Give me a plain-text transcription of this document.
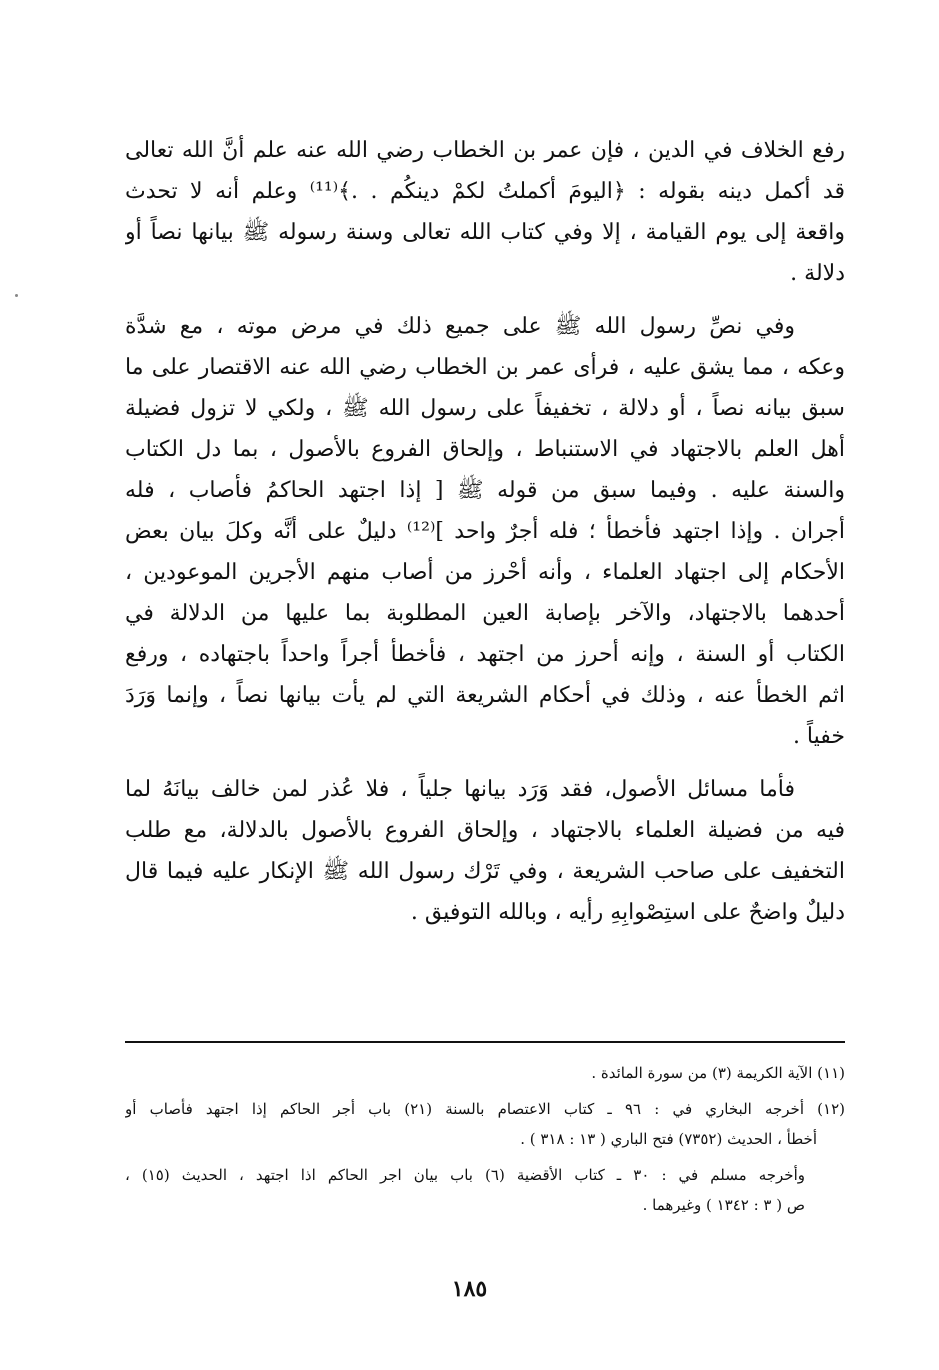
رفع الخلاف في الدين ، فإن عمر بن الخطاب رضي الله عنه علم أنَّ الله تعالى
قد أكمل دينه بقوله : ﴿اليومَ أكملتُ لكمْ دينكُم . .﴾⁽¹¹⁾ وعلم أنه لا تحدث
واقعة إلى يوم القيامة ، إلا وفي كتاب الله تعالى وسنة رسوله ﷺ بيانها نصاً أو
دلالة .
وفي نصِّ رسول الله ﷺ على جميع ذلك في مرض موته ، مع شدَّة
وعكه ، مما يشق عليه ، فرأى عمر بن الخطاب رضي الله عنه الاقتصار على ما
سبق بيانه نصاً ، أو دلالة ، تخفيفاً على رسول الله ﷺ ، ولكي لا تزول فضيلة
أهل العلم بالاجتهاد في الاستنباط ، وإلحاق الفروع بالأصول ، بما دل الكتاب
والسنة عليه . وفيما سبق من قوله ﷺ [ إذا اجتهد الحاكمُ فأصاب ، فله
أجران . وإذا اجتهد فأخطأ ؛ فله أجرٌ واحد ]⁽¹²⁾ دليلٌ على أنَّه وكلَ بيان بعض
الأحكام إلى اجتهاد العلماء ، وأنه أحْرز من أصاب منهم الأجرين الموعودين ،
أحدهما بالاجتهاد، والآخر بإصابة العين المطلوبة بما عليها من الدلالة في
الكتاب أو السنة ، وإنه أحرز من اجتهد ، فأخطأ أجراً واحداً باجتهاده ، ورفع
اثم الخطأ عنه ، وذلك في أحكام الشريعة التي لم يأت بيانها نصاً ، وإنما وَرَدَ
خفياً .
فأما مسائل الأصول، فقد وَرَد بيانها جلياً ، فلا عُذر لمن خالف بيانَهُ لما
فيه من فضيلة العلماء بالاجتهاد ، وإلحاق الفروع بالأصول بالدلالة، مع طلب
التخفيف على صاحب الشريعة ، وفي تَرْك رسول الله ﷺ الإنكار عليه فيما قال
دليلٌ واضحٌ على استِصْوابِهِ رأيه ، وبالله التوفيق .
(١١) الآية الكريمة (٣) من سورة المائدة .
(١٢) أخرجه البخاري في : ٩٦ ـ كتاب الاعتصام بالسنة (٢١) باب أجر الحاكم إذا اجتهد فأصاب أو
أخطأ ، الحديث (٧٣٥٢) فتح الباري ( ١٣ : ٣١٨ ) .
وأخرجه مسلم في : ٣٠ ـ كتاب الأقضية (٦) باب بيان اجر الحاكم اذا اجتهد ، الحديث (١٥) ،
ص ( ٣ : ١٣٤٢ ) وغيرهما .
١٨٥
